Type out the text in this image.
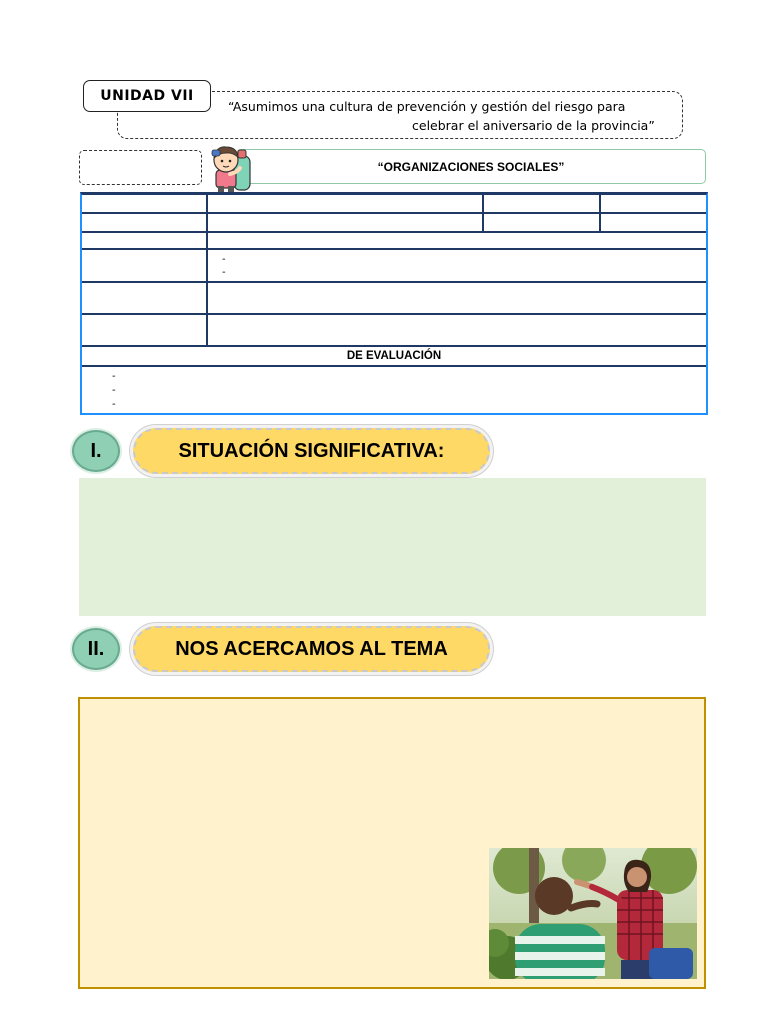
UNIDAD VII
“Asumimos una cultura de prevención y gestión del riesgo para
celebrar el aniversario de la provincia”
“ORGANIZACIONES SOCIALES”
-
-
DE EVALUACIÓN
-
-
-
I.	SITUACIÓN SIGNIFICATIVA:
II.	NOS ACERCAMOS AL TEMA
